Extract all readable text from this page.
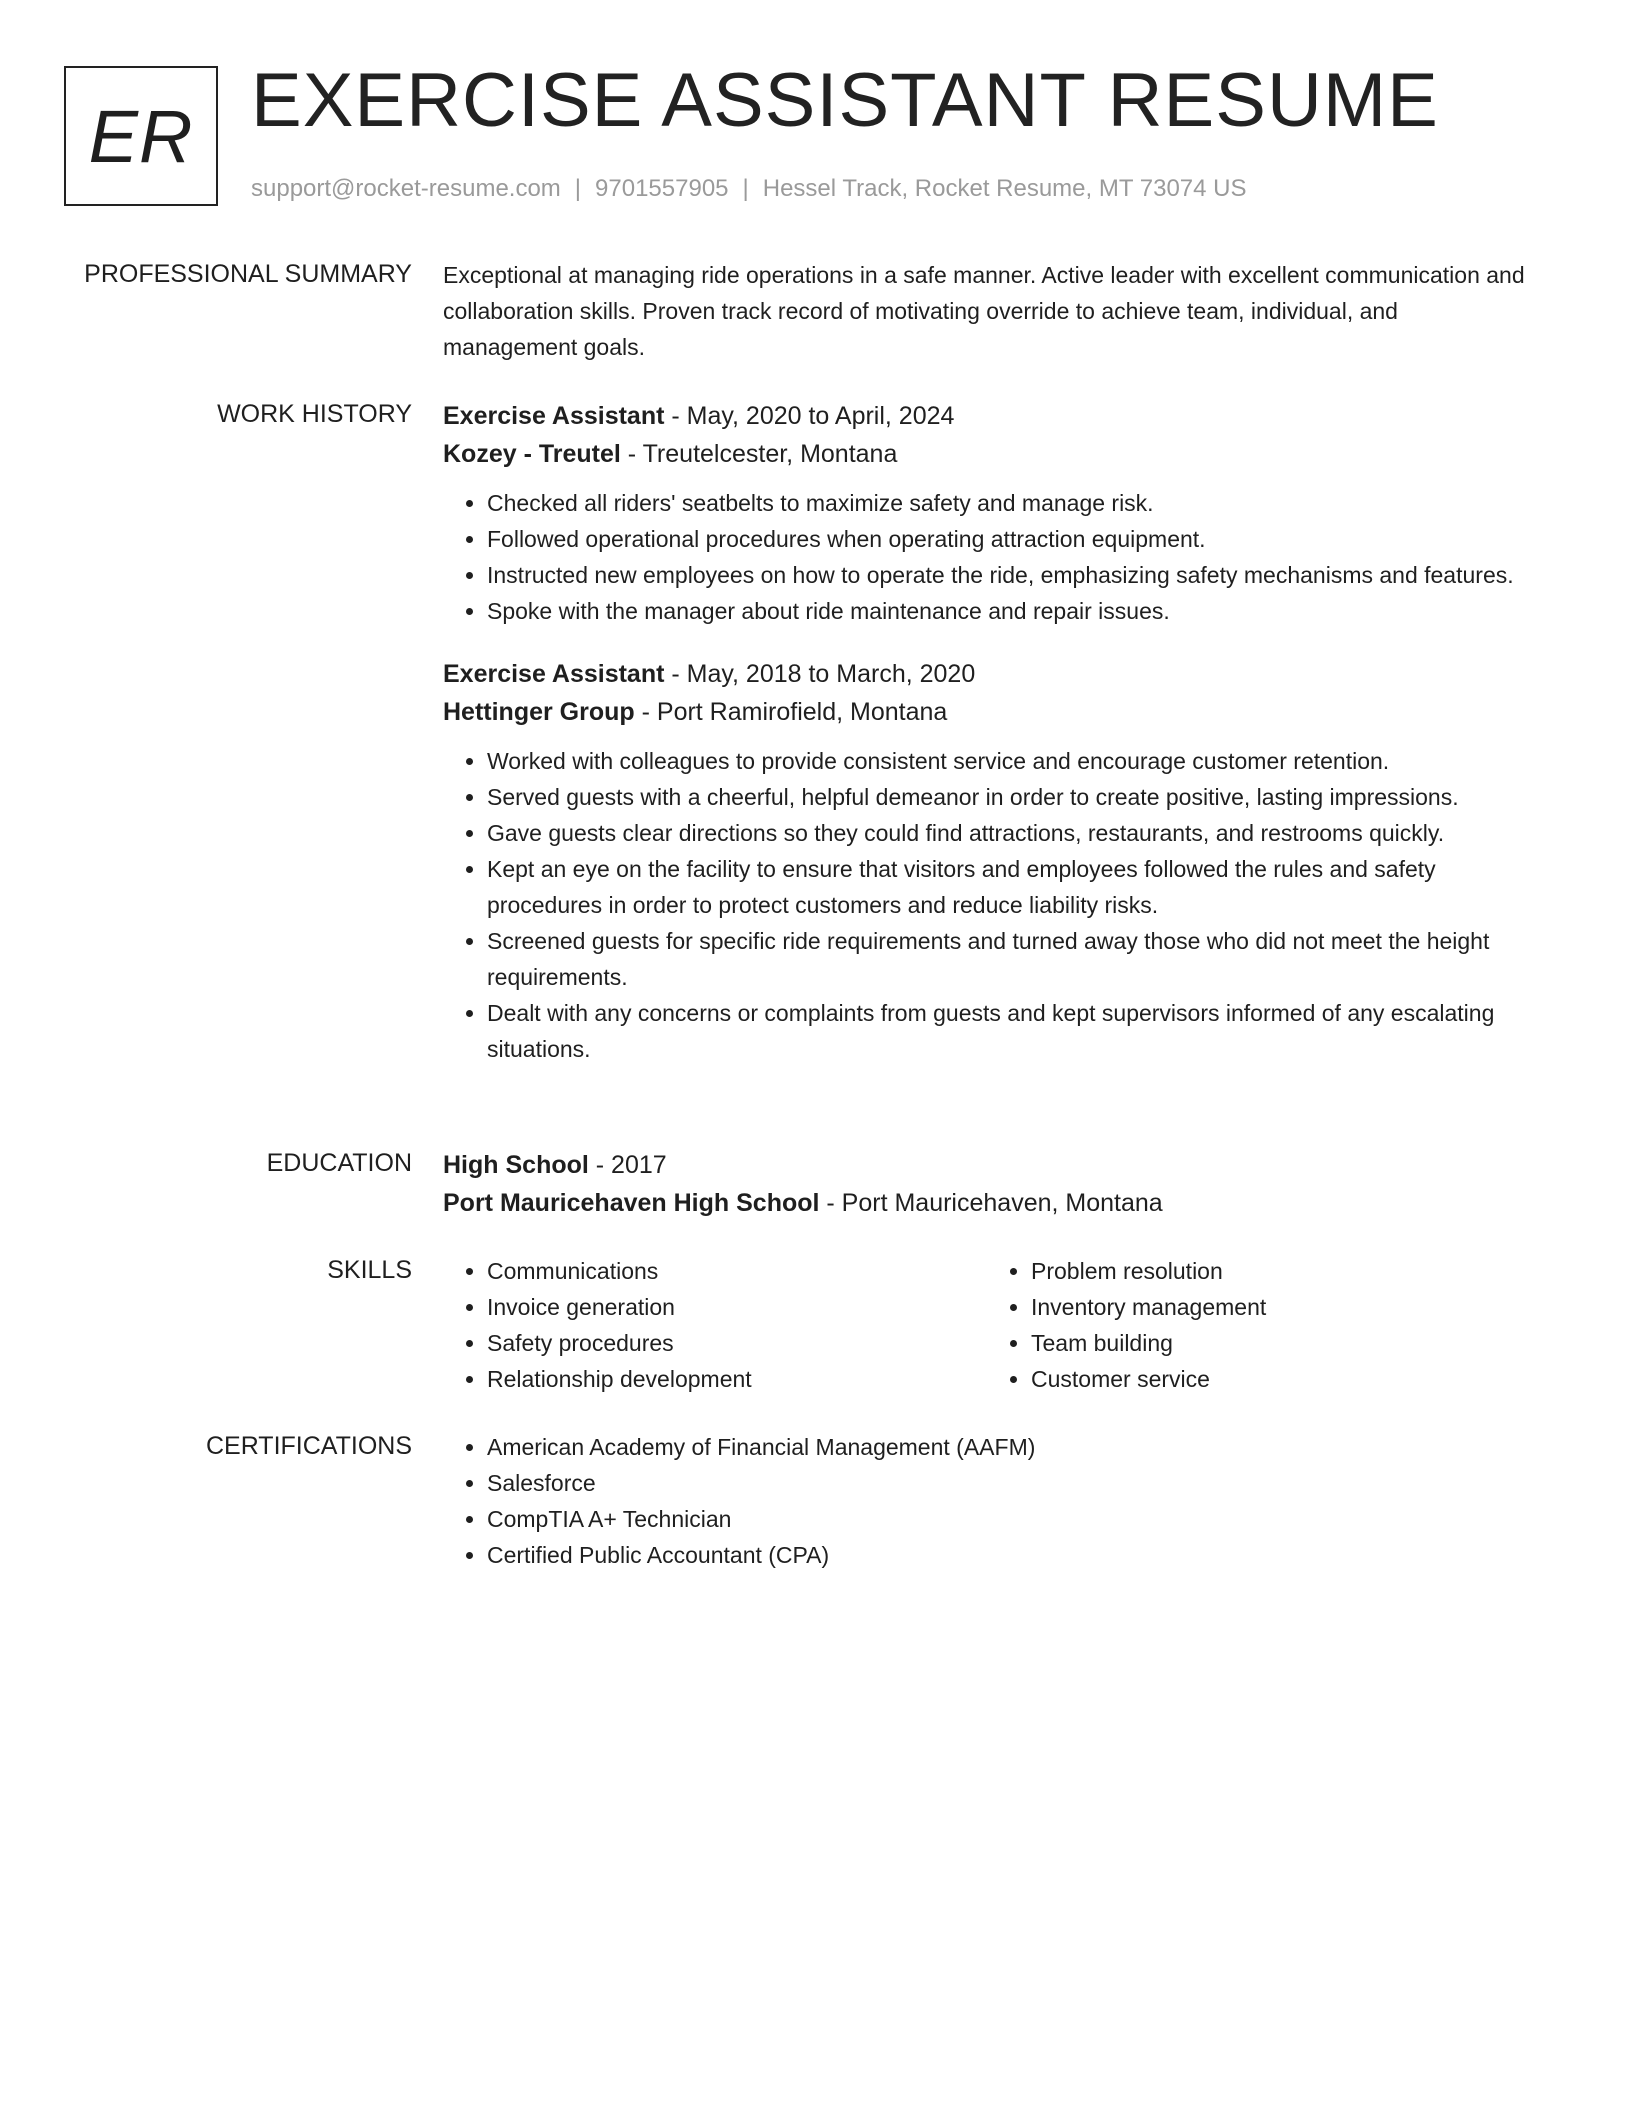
ER EXERCISE ASSISTANT RESUME
support@rocket-resume.com | 9701557905 | Hessel Track, Rocket Resume, MT 73074 US
PROFESSIONAL SUMMARY Exceptional at managing ride operations in a safe manner. Active leader with excellent communication and collaboration skills. Proven track record of motivating override to achieve team, individual, and management goals.

WORK HISTORY Exercise Assistant - May, 2020 to April, 2024

Kozey - Treutel - Treutelcester, Montana

• Checked all riders' seatbelts to maximize safety and manage risk.
• Followed operational procedures when operating attraction equipment.
• Instructed new employees on how to operate the ride, emphasizing safety mechanisms and features.
• Spoke with the manager about ride maintenance and repair issues.

Exercise Assistant - May, 2018 to March, 2020

Hettinger Group - Port Ramirofield, Montana

• Worked with colleagues to provide consistent service and encourage customer retention.
• Served guests with a cheerful, helpful demeanor in order to create positive, lasting impressions.
• Gave guests clear directions so they could find attractions, restaurants, and restrooms quickly.
• Kept an eye on the facility to ensure that visitors and employees followed the rules and safety procedures in order to protect customers and reduce liability risks.
• Screened guests for specific ride requirements and turned away those who did not meet the height requirements.
• Dealt with any concerns or complaints from guests and kept supervisors informed of any escalating situations.
EDUCATION High School - 2017

Port Mauricehaven High School - Port Mauricehaven, Montana

SKILLS	• Communications
• Invoice generation
• Safety procedures
• Relationship development
• Problem resolution
• Inventory management
• Team building
• Customer service
CERTIFICATIONS	• American Academy of Financial Management (AAFM)
• Salesforce
• CompTIA A+ Technician
• Certified Public Accountant (CPA)
